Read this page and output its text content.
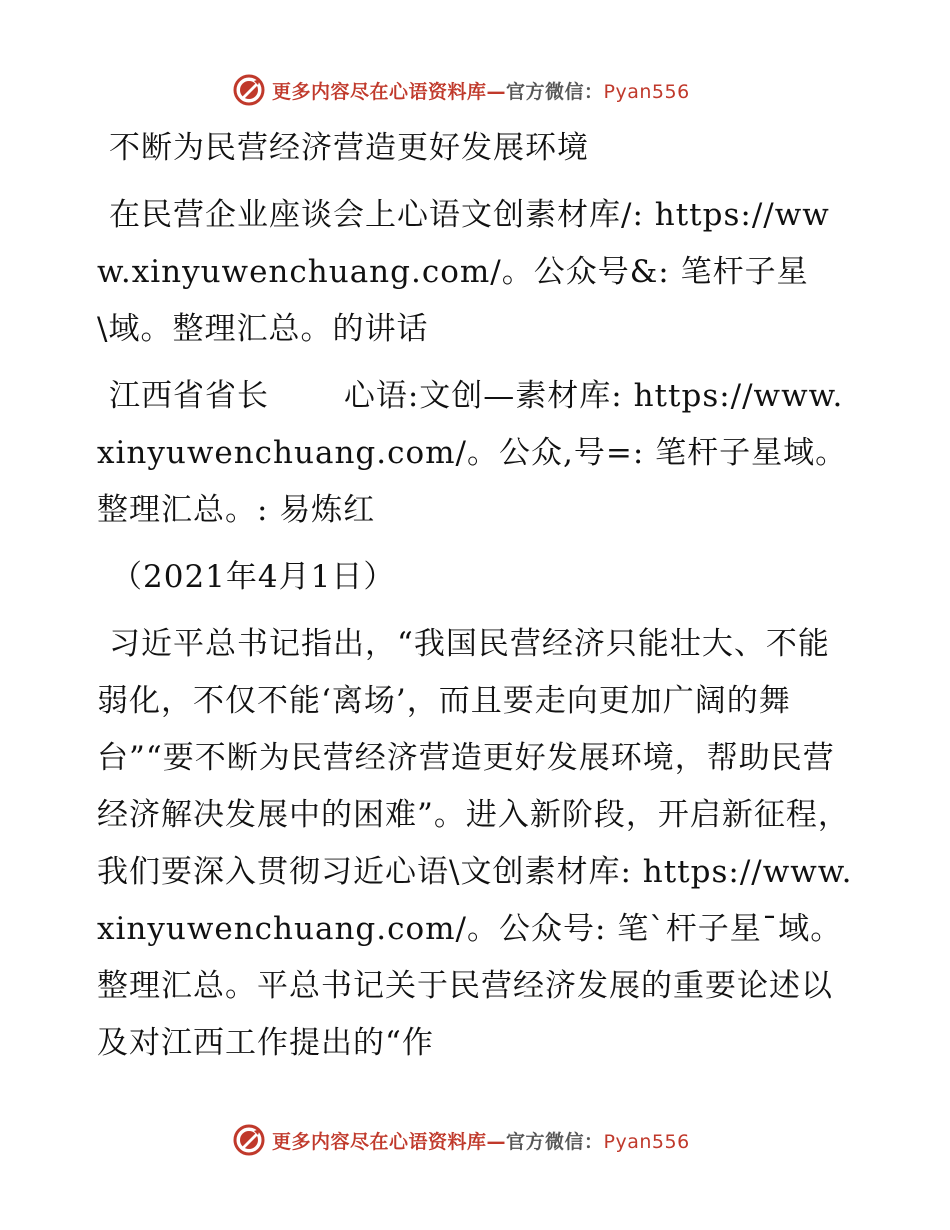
更多内容尽在心语资料库—官方微信：Pyan556

不断为民营经济营造更好发展环境

在民营企业座谈会上心语文创素材库/: https://www.xinyuwenchuang.com/。公众号&: 笔杆子星\域。整理汇总。的讲话

江西省省长　　 心语:文创—素材库: https://www.xinyuwenchuang.com/。公众,号=: 笔杆子星域。整理汇总。: 易炼红

（2021年4月1日）

习近平总书记指出，“我国民营经济只能壮大、不能弱化，不仅不能‘离场’，而且要走向更加广阔的舞台”“要不断为民营经济营造更好发展环境，帮助民营经济解决发展中的困难”。进入新阶段，开启新征程，我们要深入贯彻习近心语\文创素材库: https://www.xinyuwenchuang.com/。公众号: 笔`杆子星¯域。整理汇总。平总书记关于民营经济发展的重要论述以及对江西工作提出的“作

更多内容尽在心语资料库—官方微信：Pyan556
